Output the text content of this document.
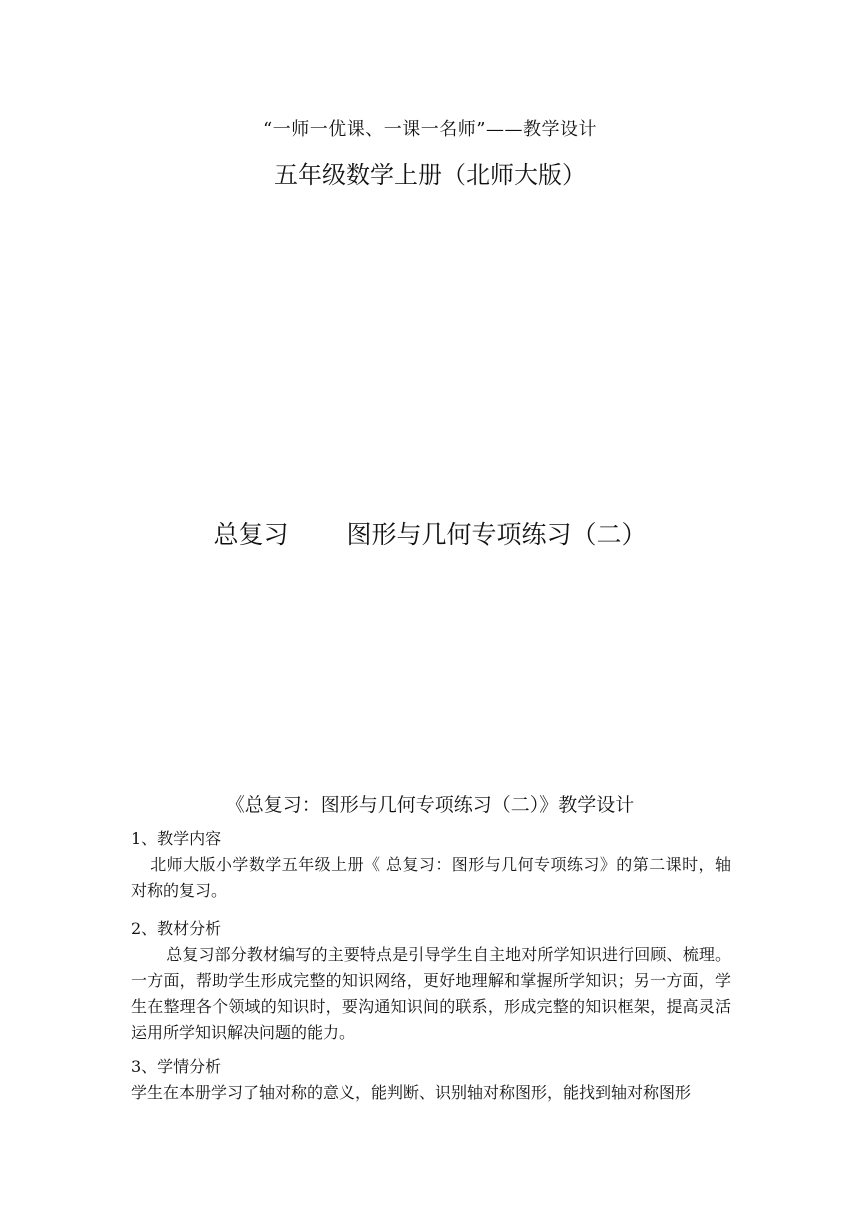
“一师一优课、一课一名师”——教学设计
五年级数学上册（北师大版）
总复习 图形与几何专项练习（二）
《总复习：图形与几何专项练习（二）》教学设计

1、教学内容

北师大版小学数学五年级上册《 总复习：图形与几何专项练习》的第二课时，轴对称的复习。

2、教材分析

总复习部分教材编写的主要特点是引导学生自主地对所学知识进行回顾、梳理。一方面，帮助学生形成完整的知识网络，更好地理解和掌握所学知识；另一方面，学生在整理各个领域的知识时，要沟通知识间的联系，形成完整的知识框架，提高灵活运用所学知识解决问题的能力。

3、学情分析

学生在本册学习了轴对称的意义，能判断、识别轴对称图形，能找到轴对称图形
